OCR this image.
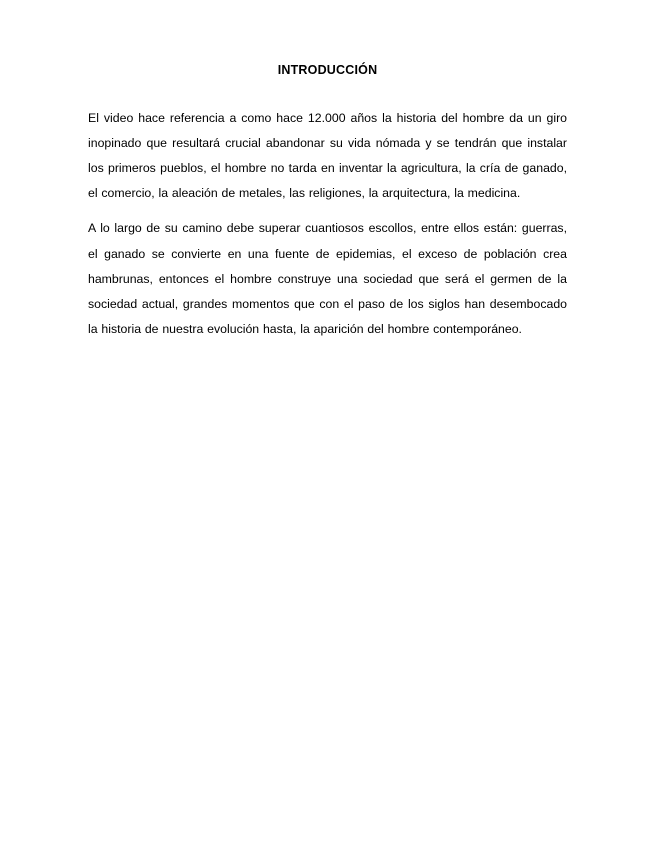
INTRODUCCIÓN

El video hace referencia a como hace 12.000 años la historia del hombre da un giro inopinado que resultará crucial abandonar su vida nómada y se tendrán que instalar los primeros pueblos, el hombre no tarda en inventar la agricultura, la cría de ganado, el comercio, la aleación de metales, las religiones, la arquitectura, la medicina.

A lo largo de su camino debe superar cuantiosos escollos, entre ellos están: guerras, el ganado se convierte en una fuente de epidemias, el exceso de población crea hambrunas, entonces el hombre construye una sociedad que será el germen de la sociedad actual, grandes momentos que con el paso de los siglos han desembocado la historia de nuestra evolución hasta, la aparición del hombre contemporáneo.
